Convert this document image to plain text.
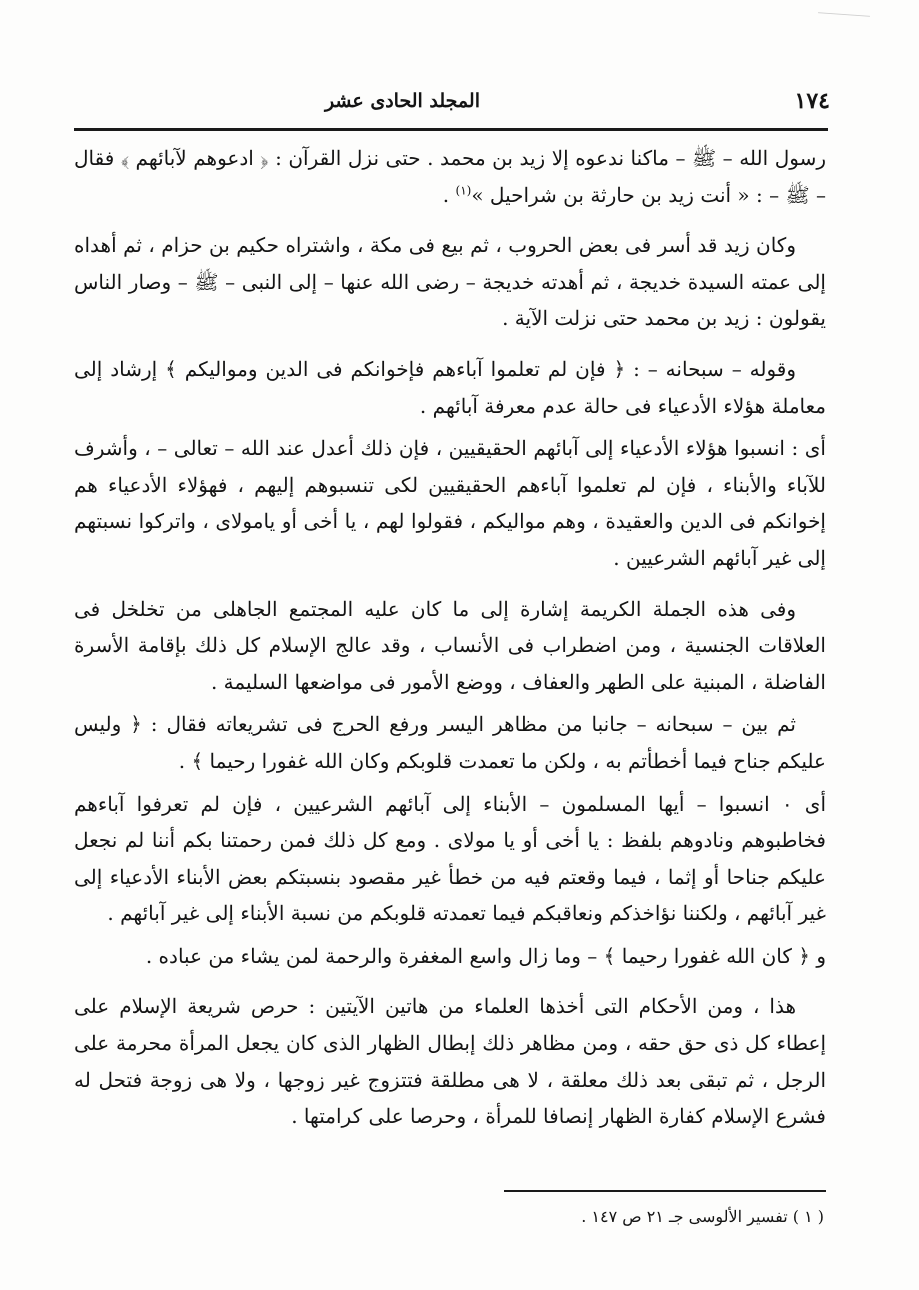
١٧٤
المجلد الحادى عشر

رسول الله – ﷺ – ماكنا ندعوه إلا زيد بن محمد . حتى نزل القرآن : ﴿ ادعوهم لآبائهم ﴾ فقال – ﷺ – : « أنت زيد بن حارثة بن شراحيل »$^{(١)}$ .

وكان زيد قد أسر فى بعض الحروب ، ثم بيع فى مكة ، واشتراه حكيم بن حزام ، ثم أهداه إلى عمته السيدة خديجة ، ثم أهدته خديجة – رضى الله عنها – إلى النبى – ﷺ – وصار الناس يقولون : زيد بن محمد حتى نزلت الآية .

وقوله – سبحانه – : ﴿ فإن لم تعلموا آباءهم فإخوانكم فى الدين ومواليكم ﴾ إرشاد إلى معاملة هؤلاء الأدعياء فى حالة عدم معرفة آبائهم .

أى : انسبوا هؤلاء الأدعياء إلى آبائهم الحقيقيين ، فإن ذلك أعدل عند الله – تعالى – ، وأشرف للآباء والأبناء ، فإن لم تعلموا آباءهم الحقيقيين لكى تنسبوهم إليهم ، فهؤلاء الأدعياء هم إخوانكم فى الدين والعقيدة ، وهم مواليكم ، فقولوا لهم ، يا أخى أو يامولاى ، واتركوا نسبتهم إلى غير آبائهم الشرعيين .

وفى هذه الجملة الكريمة إشارة إلى ما كان عليه المجتمع الجاهلى من تخلخل فى العلاقات الجنسية ، ومن اضطراب فى الأنساب ، وقد عالج الإسلام كل ذلك بإقامة الأسرة الفاضلة ، المبنية على الطهر والعفاف ، ووضع الأمور فى مواضعها السليمة .

ثم بين – سبحانه – جانبا من مظاهر اليسر ورفع الحرج فى تشريعاته فقال : ﴿ وليس عليكم جناح فيما أخطأتم به ، ولكن ما تعمدت قلوبكم وكان الله غفورا رحيما ﴾ .

أى ٠ انسبوا – أيها المسلمون – الأبناء إلى آبائهم الشرعيين ، فإن لم تعرفوا آباءهم فخاطبوهم ونادوهم بلفظ : يا أخى أو يا مولاى . ومع كل ذلك فمن رحمتنا بكم أننا لم نجعل عليكم جناحا أو إثما ، فيما وقعتم فيه من خطأ غير مقصود بنسبتكم بعض الأبناء الأدعياء إلى غير آبائهم ، ولكننا نؤاخذكم ونعاقبكم فيما تعمدته قلوبكم من نسبة الأبناء إلى غير آبائهم .

و ﴿ كان الله غفورا رحيما ﴾ – وما زال واسع المغفرة والرحمة لمن يشاء من عباده .

هذا ، ومن الأحكام التى أخذها العلماء من هاتين الآيتين : حرص شريعة الإسلام على إعطاء كل ذى حق حقه ، ومن مظاهر ذلك إبطال الظهار الذى كان يجعل المرأة محرمة على الرجل ، ثم تبقى بعد ذلك معلقة ، لا هى مطلقة فتتزوج غير زوجها ، ولا هى زوجة فتحل له فشرع الإسلام كفارة الظهار إنصافا للمرأة ، وحرصا على كرامتها .

( ١ ) تفسير الألوسى جـ ٢١ ص ١٤٧ .
